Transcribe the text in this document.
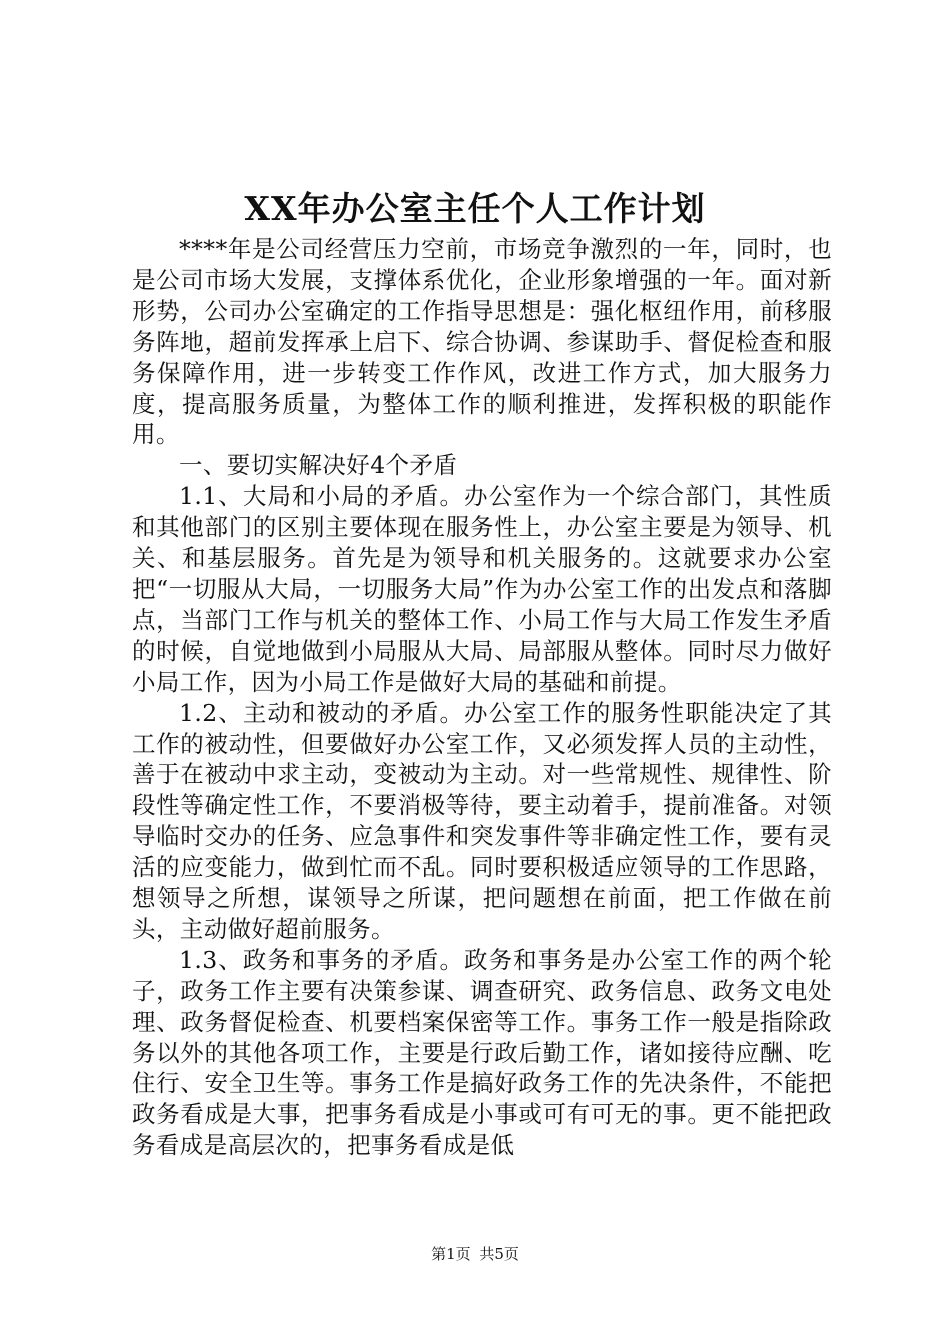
XX年办公室主任个人工作计划

****年是公司经营压力空前，市场竞争激烈的一年，同时，也是公司市场大发展，支撑体系优化，企业形象增强的一年。面对新形势，公司办公室确定的工作指导思想是：强化枢纽作用，前移服务阵地，超前发挥承上启下、综合协调、参谋助手、督促检查和服务保障作用，进一步转变工作作风，改进工作方式，加大服务力度，提高服务质量，为整体工作的顺利推进，发挥积极的职能作用。

一、要切实解决好4个矛盾

1.1、大局和小局的矛盾。办公室作为一个综合部门，其性质和其他部门的区别主要体现在服务性上，办公室主要是为领导、机关、和基层服务。首先是为领导和机关服务的。这就要求办公室把“一切服从大局，一切服务大局”作为办公室工作的出发点和落脚点，当部门工作与机关的整体工作、小局工作与大局工作发生矛盾的时候，自觉地做到小局服从大局、局部服从整体。同时尽力做好小局工作，因为小局工作是做好大局的基础和前提。

1.2、主动和被动的矛盾。办公室工作的服务性职能决定了其工作的被动性，但要做好办公室工作，又必须发挥人员的主动性，善于在被动中求主动，变被动为主动。对一些常规性、规律性、阶段性等确定性工作，不要消极等待，要主动着手，提前准备。对领导临时交办的任务、应急事件和突发事件等非确定性工作，要有灵活的应变能力，做到忙而不乱。同时要积极适应领导的工作思路，想领导之所想，谋领导之所谋，把问题想在前面，把工作做在前头，主动做好超前服务。

1.3、政务和事务的矛盾。政务和事务是办公室工作的两个轮子，政务工作主要有决策参谋、调查研究、政务信息、政务文电处理、政务督促检查、机要档案保密等工作。事务工作一般是指除政务以外的其他各项工作，主要是行政后勤工作，诸如接待应酬、吃住行、安全卫生等。事务工作是搞好政务工作的先决条件，不能把政务看成是大事，把事务看成是小事或可有可无的事。更不能把政务看成是高层次的，把事务看成是低

第1页 共5页
